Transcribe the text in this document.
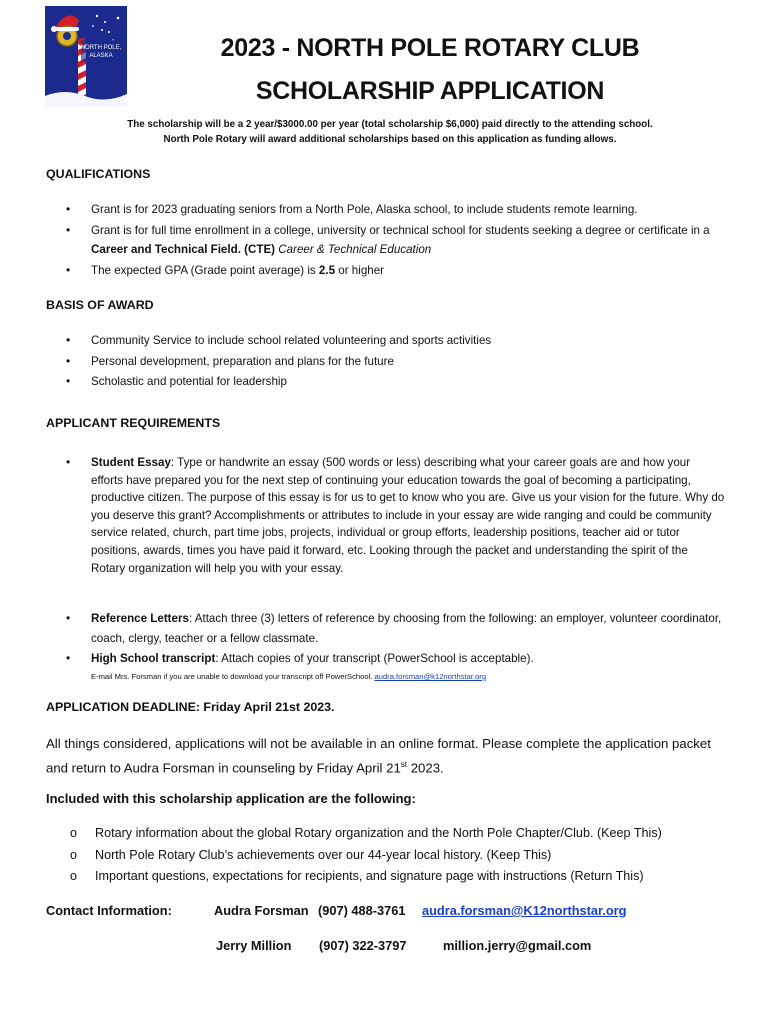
NORTH POLE,
ALASKA	2023 - NORTH POLE ROTARY CLUB
SCHOLARSHIP APPLICATION
The scholarship will be a 2 year/$3000.00 per year (total scholarship $6,000) paid directly to the attending school.
North Pole Rotary will award additional scholarships based on this application as funding allows.
QUALIFICATIONS
• Grant is for 2023 graduating seniors from a North Pole, Alaska school, to include students remote learning.
• Grant is for full time enrollment in a college, university or technical school for students seeking a degree or certificate in a Career and Technical Field. (CTE) Career & Technical Education
• The expected GPA (Grade point average) is 2.5 or higher
BASIS OF AWARD
• Community Service to include school related volunteering and sports activities
• Personal development, preparation and plans for the future
• Scholastic and potential for leadership
APPLICANT REQUIREMENTS
• Student Essay: Type or handwrite an essay (500 words or less) describing what your career goals are and how your efforts have prepared you for the next step of continuing your education towards the goal of becoming a participating, productive citizen. The purpose of this essay is for us to get to know who you are. Give us your vision for the future. Why do you deserve this grant? Accomplishments or attributes to include in your essay are wide ranging and could be community service related, church, part time jobs, projects, individual or group efforts, leadership positions, teacher aid or tutor positions, awards, times you have paid it forward, etc. Looking through the packet and understanding the spirit of the Rotary organization will help you with your essay.
• Reference Letters: Attach three (3) letters of reference by choosing from the following: an employer, volunteer coordinator, coach, clergy, teacher or a fellow classmate.
• High School transcript: Attach copies of your transcript (PowerSchool is acceptable).
E-mail Mrs. Forsman if you are unable to download your transcript off PowerSchool. audra.forsman@k12northstar.org
APPLICATION DEADLINE: Friday April 21st 2023.
All things considered, applications will not be available in an online format. Please complete the application packet and return to Audra Forsman in counseling by Friday April 21st 2023.
Included with this scholarship application are the following:
o Rotary information about the global Rotary organization and the North Pole Chapter/Club. (Keep This)
o North Pole Rotary Club’s achievements over our 44-year local history. (Keep This)
o Important questions, expectations for recipients, and signature page with instructions (Return This)
Contact Information:	Audra Forsman (907) 488-3761 audra.forsman@K12northstar.org
Jerry Million (907) 322-3797	million.jerry@gmail.com
